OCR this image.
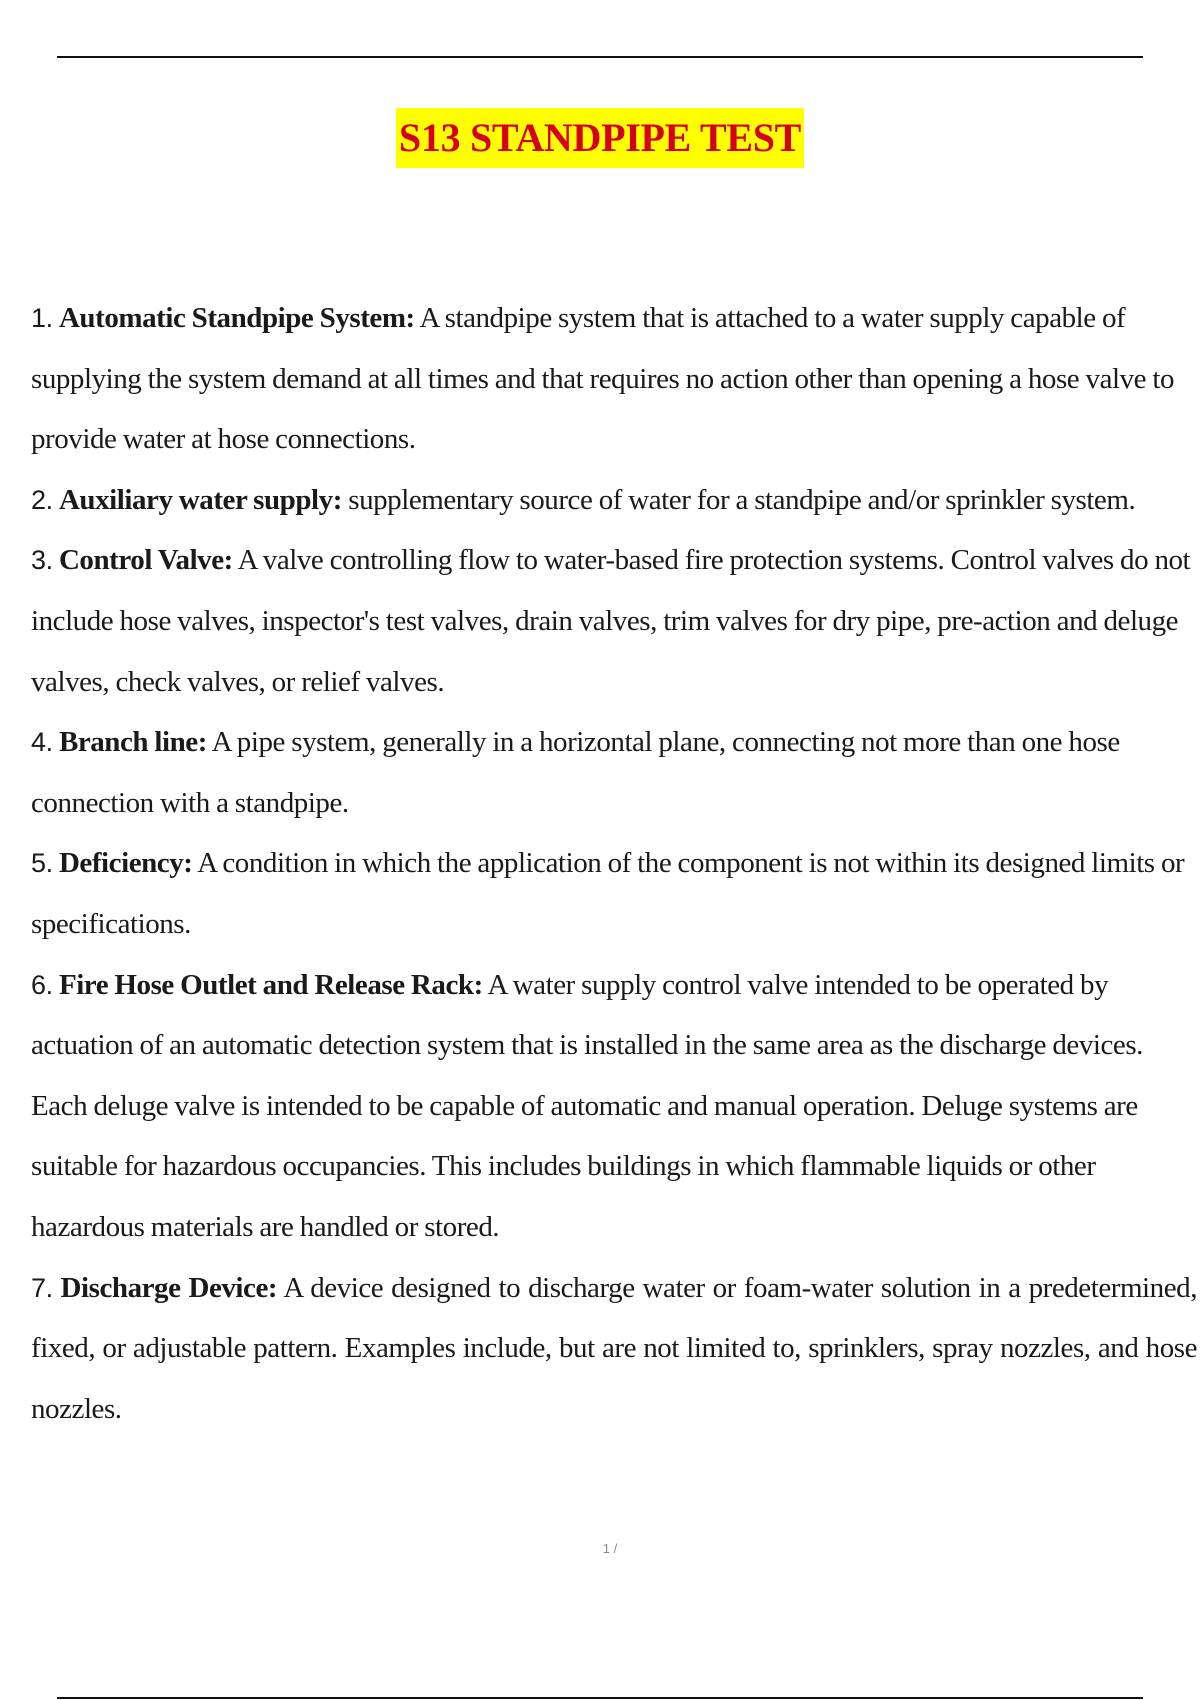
S13 STANDPIPE TEST
1. Automatic Standpipe System: A standpipe system that is attached to a water supply capable of supplying the system demand at all times and that requires no action other than opening a hose valve to provide water at hose connections.
2. Auxiliary water supply: supplementary source of water for a standpipe and/or sprinkler system.
3. Control Valve: A valve controlling flow to water-based fire protection systems. Control valves do not include hose valves, inspector's test valves, drain valves, trim valves for dry pipe, pre-action and deluge valves, check valves, or relief valves.
4. Branch line: A pipe system, generally in a horizontal plane, connecting not more than one hose connection with a standpipe.
5. Deficiency: A condition in which the application of the component is not within its designed limits or specifications.
6. Fire Hose Outlet and Release Rack: A water supply control valve intended to be operated by actuation of an automatic detection system that is installed in the same area as the discharge devices. Each deluge valve is intended to be capable of automatic and manual operation. Deluge systems are suitable for hazardous occupancies. This includes buildings in which flammable liquids or other hazardous materials are handled or stored.
7. Discharge Device: A device designed to discharge water or foam-water solution in a predetermined, fixed, or adjustable pattern. Examples include, but are not limited to, sprinklers, spray nozzles, and hose nozzles.
1 /
